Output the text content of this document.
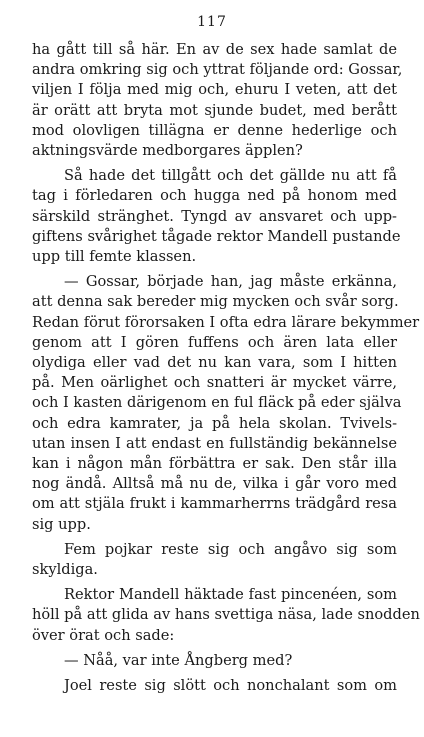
117
ha gått till så här. En av de sex hade samlat de
andra omkring sig och yttrat följande ord: Gossar,
viljen I följa med mig och, ehuru I veten, att det
är orätt att bryta mot sjunde budet, med berått
mod olovligen tillägna er denne hederlige och
aktningsvärde medborgares äpplen?
Så hade det tillgått och det gällde nu att få
tag i förledaren och hugga ned på honom med
särskild stränghet. Tyngd av ansvaret och upp-
giftens svårighet tågade rektor Mandell pustande
upp till femte klassen.
— Gossar, började han, jag måste erkänna,
att denna sak bereder mig mycken och svår sorg.
Redan förut förorsaken I ofta edra lärare bekymmer
genom att I gören fuffens och ären lata eller
olydiga eller vad det nu kan vara, som I hitten
på. Men oärlighet och snatteri är mycket värre,
och I kasten därigenom en ful fläck på eder själva
och edra kamrater, ja på hela skolan. Tvivels-
utan insen I att endast en fullständig bekännelse
kan i någon mån förbättra er sak. Den står illa
nog ändå. Alltså må nu de, vilka i går voro med
om att stjäla frukt i kammarherrns trädgård resa
sig upp.
Fem pojkar reste sig och angåvo sig som
skyldiga.
Rektor Mandell häktade fast pincenéen, som
höll på att glida av hans svettiga näsa, lade snodden
över örat och sade:
— Nåå, var inte Ångberg med?
Joel reste sig slött och nonchalant som om
